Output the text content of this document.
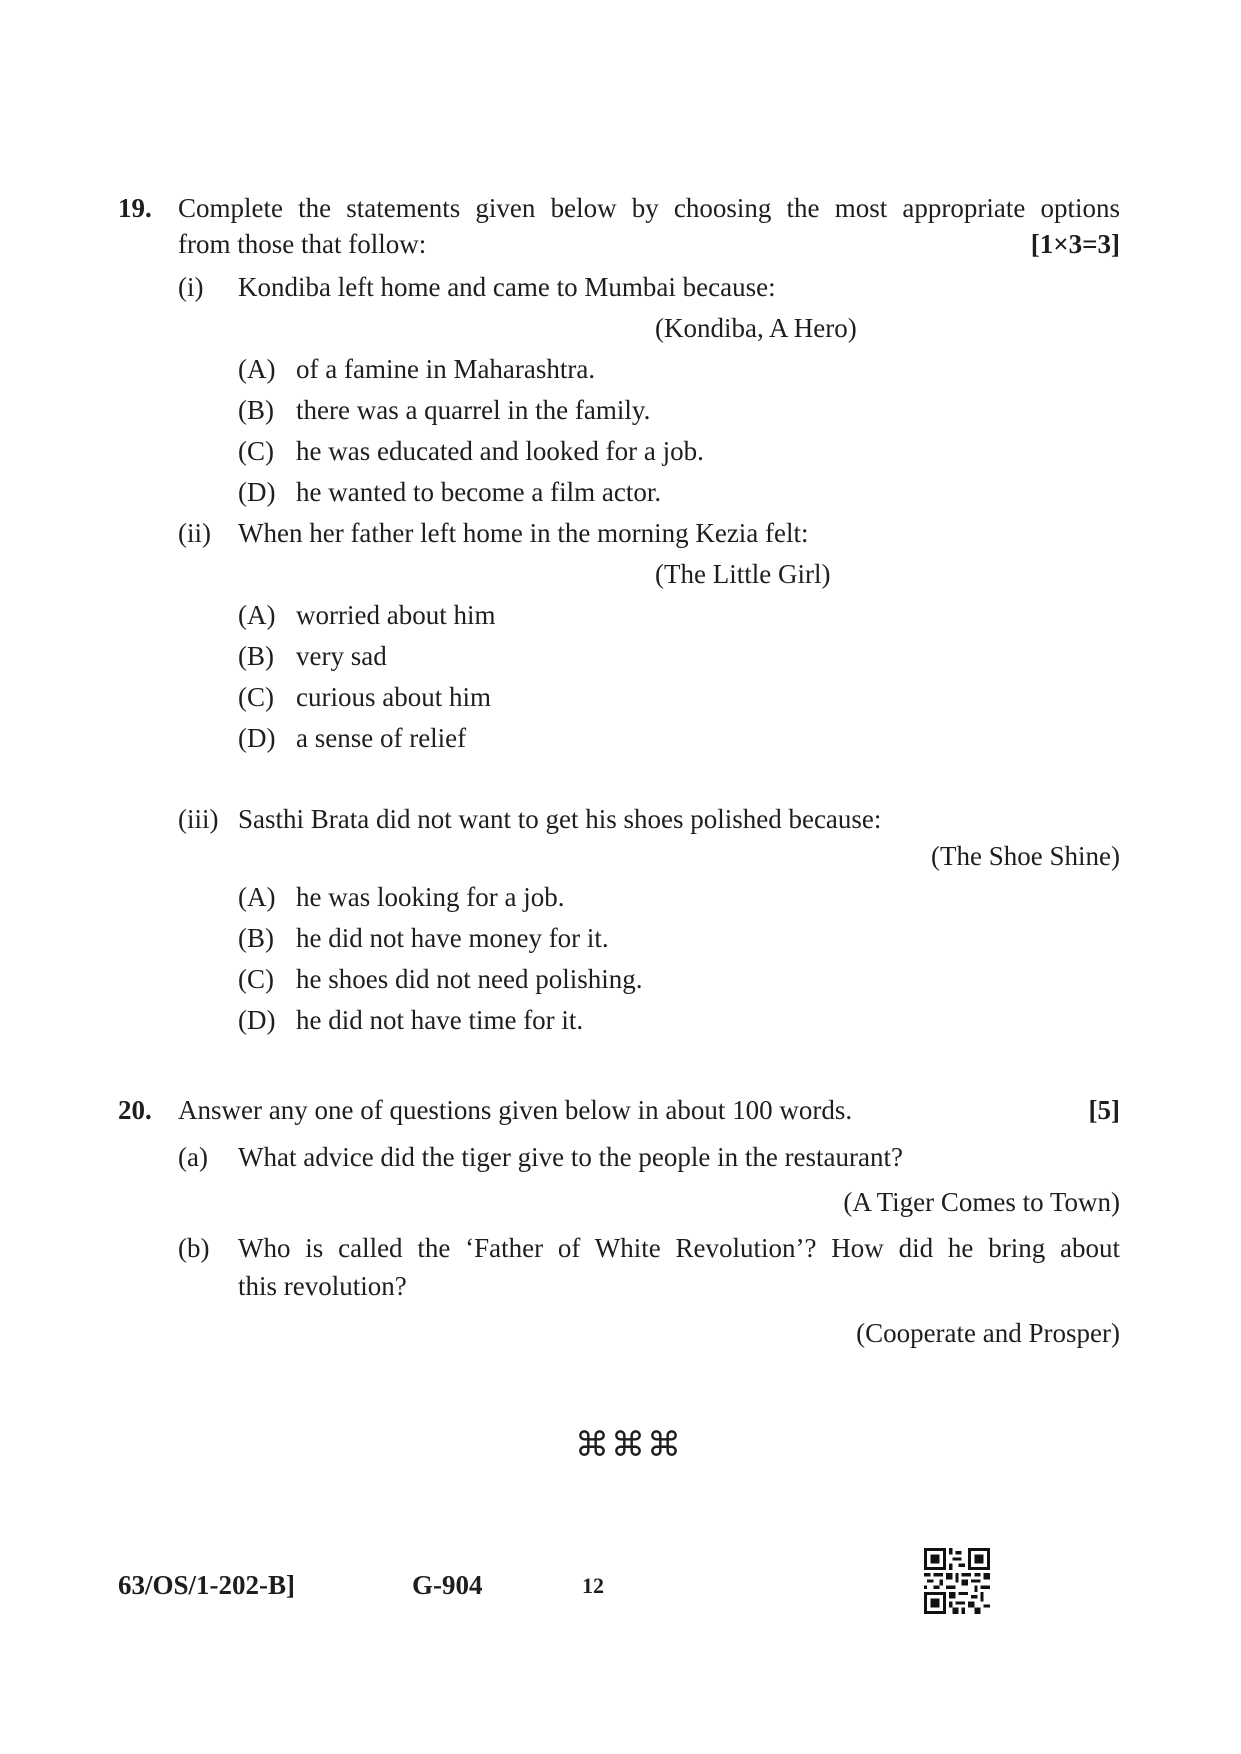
19. Complete the statements given below by choosing the most appropriate options
from those that follow:	[1×3=3]
(i) Kondiba left home and came to Mumbai because:
(Kondiba, A Hero)
(A) of a famine in Maharashtra.
(B) there was a quarrel in the family.
(C) he was educated and looked for a job.
(D) he wanted to become a film actor.
(ii) When her father left home in the morning Kezia felt:
(The Little Girl)
(A) worried about him
(B) very sad
(C) curious about him
(D) a sense of relief
(iii) Sasthi Brata did not want to get his shoes polished because:
(The Shoe Shine)
(A) he was looking for a job.
(B) he did not have money for it.
(C) he shoes did not need polishing.
(D) he did not have time for it.
20. Answer any one of questions given below in about 100 words.	[5]
(a) What advice did the tiger give to the people in the restaurant?
(A Tiger Comes to Town)
(b) Who is called the ‘Father of White Revolution’? How did he bring about
this revolution?
(Cooperate and Prosper)
⌘⌘⌘
63/OS/1-202-B]	G-904	12
